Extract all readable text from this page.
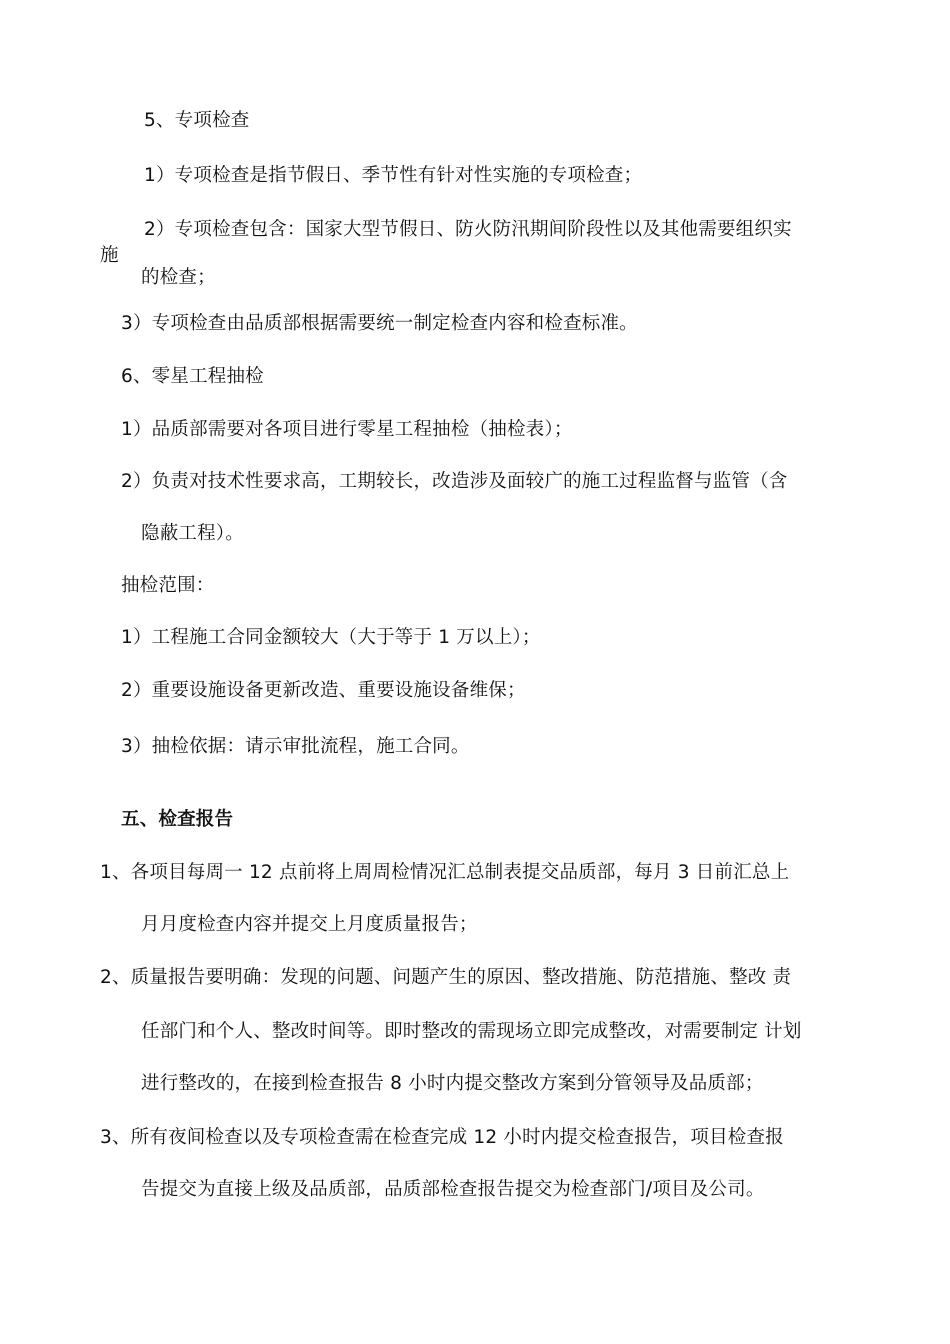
5、专项检查
1）专项检查是指节假日、季节性有针对性实施的专项检查；
2）专项检查包含：国家大型节假日、防火防汛期间阶段性以及其他需要组织实
施
的检查；
3）专项检查由品质部根据需要统一制定检查内容和检查标准。
6、零星工程抽检
1）品质部需要对各项目进行零星工程抽检（抽检表）；
2）负责对技术性要求高，工期较长，改造涉及面较广的施工过程监督与监管（含
隐蔽工程）。
抽检范围：
1）工程施工合同金额较大（大于等于 1 万以上）；
2）重要设施设备更新改造、重要设施设备维保；
3）抽检依据：请示审批流程，施工合同。
五、检查报告
1、各项目每周一 12 点前将上周周检情况汇总制表提交品质部，每月 3 日前汇总上
月月度检查内容并提交上月度质量报告；
2、质量报告要明确：发现的问题、问题产生的原因、整改措施、防范措施、整改 责
任部门和个人、整改时间等。即时整改的需现场立即完成整改，对需要制定 计划
进行整改的，在接到检查报告 8 小时内提交整改方案到分管领导及品质部；
3、所有夜间检查以及专项检查需在检查完成 12 小时内提交检查报告，项目检查报
告提交为直接上级及品质部，品质部检查报告提交为检查部门/项目及公司。
